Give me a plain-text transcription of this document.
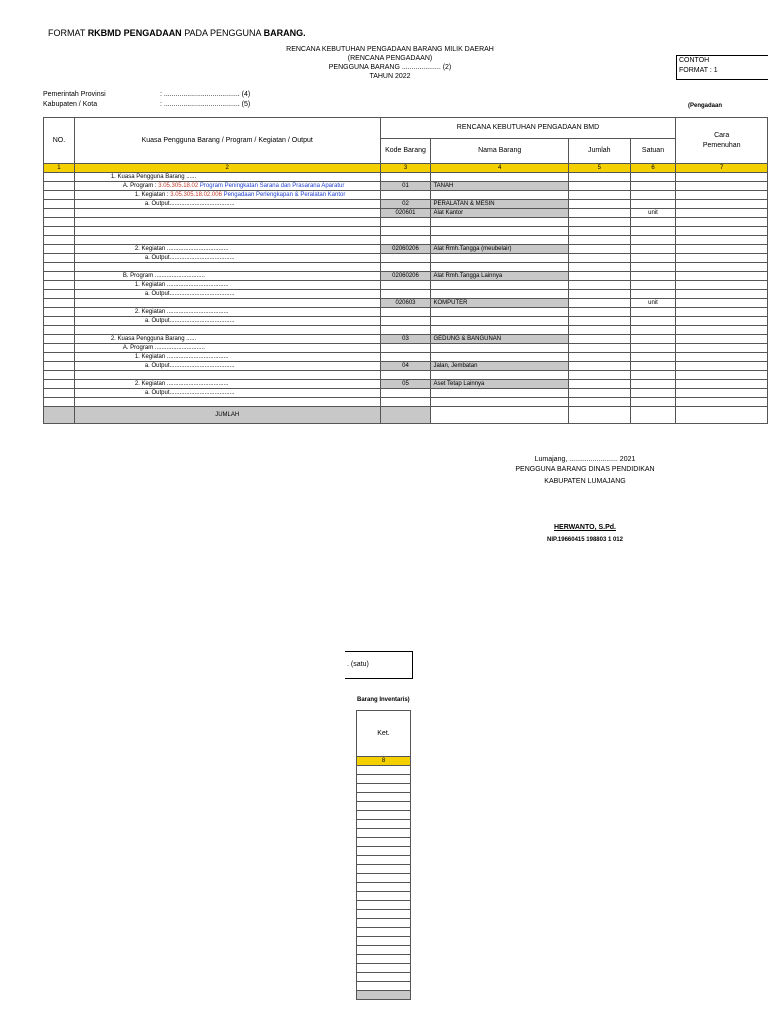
FORMAT RKBMD PENGADAAN PADA PENGGUNA BARANG.
RENCANA KEBUTUHAN PENGADAAN BARANG MILIK DAERAH
(RENCANA PENGADAAN)
PENGGUNA BARANG .................... (2)
TAHUN 2022
CONTOH
FORMAT : 1
Pemerintah Provinsi	: ....................................... (4)
Kabupaten / Kota	: ....................................... (5)	(Pengadaan
NO.	Kuasa Pengguna Barang / Program / Kegiatan / Output	RENCANA KEBUTUHAN PENGADAAN BMD				Cara
Pemenuhan

		Kode Barang	Nama Barang	Jumlah	Satuan	
1	2	3	4	5	6	7
	1. Kuasa Pengguna Barang ......					
	A. Program : 3.05.305.18.02 Program Peningkatan Sarana dan Prasarana Aparatur	01	TANAH			
	1. Kegiatan : 3.05.305.18.02.006 Pengadaan Perlengkapan & Peralatan Kantor					
	a. Output.......................................	02	PERALATAN & MESIN			
		020601	Alat Kantor		unit	

	2. Kegiatan .....................................	02060206	Alat Rmh.Tangga (meubelair)			
	a. Output.......................................					

	B. Program ..............................	02060206	Alat Rmh.Tangga Lainnya			
	1. Kegiatan .....................................					
	a. Output.......................................					
		020603	KOMPUTER		unit	
	2. Kegiatan .....................................					
	a. Output.......................................					

	2. Kuasa Pengguna Barang ......	03	GEDUNG & BANGUNAN			
	A. Program ..............................					
	1. Kegiatan .....................................					
	a. Output.......................................	04	Jalan, Jembatan			

	2. Kegiatan .....................................	05	Aset Tetap Lainnya			
	a. Output.......................................					

	JUMLAH					
Lumajang, ......................... 2021
PENGGUNA BARANG DINAS PENDIDIKAN
KABUPATEN LUMAJANG
HERWANTO, S.Pd.
NIP.19660415 198803 1 012
. (satu)
Barang Inventaris)
Ket.
8
